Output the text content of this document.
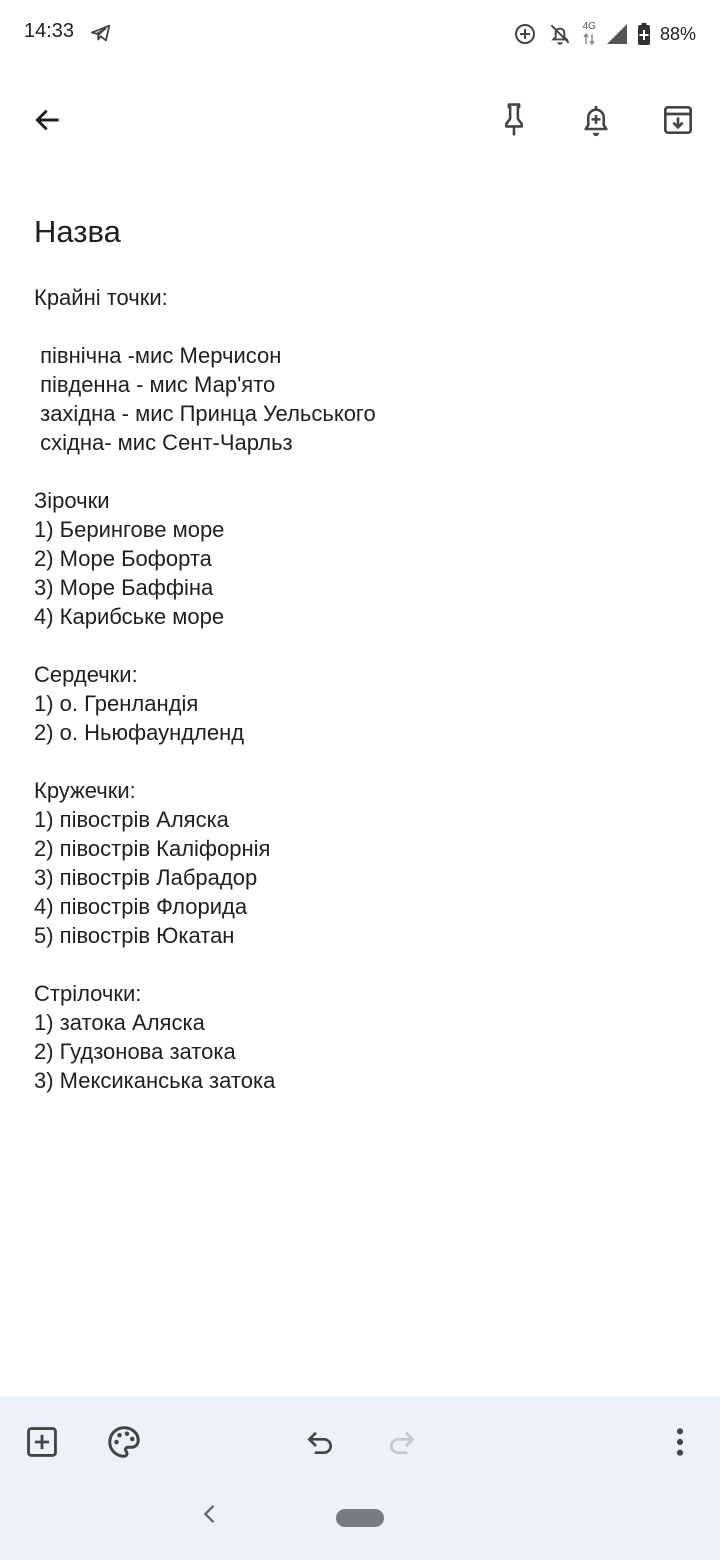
14:33	4G	88%
Назва
Крайні точки:
північна -мис Мерчисон
південна - мис Мар'ято
західна - мис Принца Уельського
східна- мис Сент-Чарльз
Зірочки
1) Берингове море
2) Море Бофорта
3) Море Баффіна
4) Карибське море
Сердечки:
1) о. Гренландія
2) о. Ньюфаундленд
Кружечки:
1) півострів Аляска
2) півострів Каліфорнія
3) півострів Лабрадор
4) півострів Флорида
5) півострів Юкатан
Стрілочки:
1) затока Аляска
2) Гудзонова затока
3) Мексиканська затока
